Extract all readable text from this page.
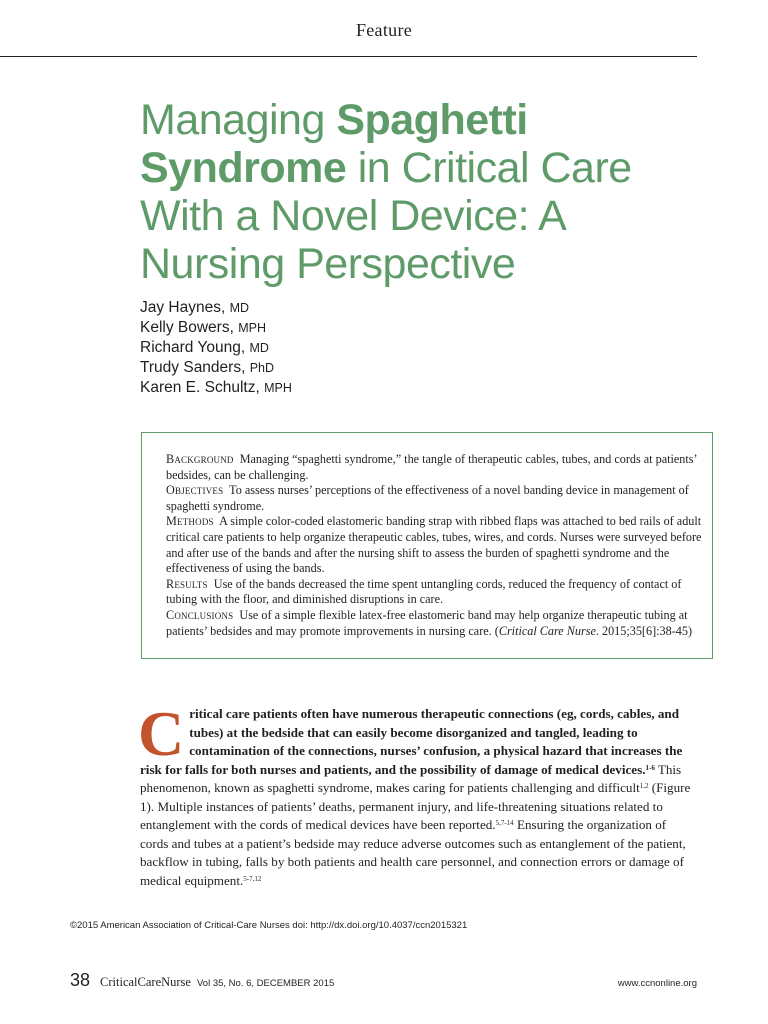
Feature
Managing Spaghetti Syndrome in Critical Care With a Novel Device: A Nursing Perspective
Jay Haynes, MD
Kelly Bowers, MPH
Richard Young, MD
Trudy Sanders, PhD
Karen E. Schultz, MPH

Background Managing “spaghetti syndrome,” the tangle of therapeutic cables, tubes, and cords at patients’ bedsides, can be challenging.

Objectives To assess nurses’ perceptions of the effectiveness of a novel banding device in management of spaghetti syndrome.

Methods A simple color-coded elastomeric banding strap with ribbed flaps was attached to bed rails of adult critical care patients to help organize therapeutic cables, tubes, wires, and cords. Nurses were surveyed before and after use of the bands and after the nursing shift to assess the burden of spaghetti syndrome and the effectiveness of using the bands.

Results Use of the bands decreased the time spent untangling cords, reduced the frequency of contact of tubing with the floor, and diminished disruptions in care.

Conclusions Use of a simple flexible latex-free elastomeric band may help organize therapeutic tubing at patients’ bedsides and may promote improvements in nursing care. (Critical Care Nurse. 2015;35[6]:38-45)

Critical care patients often have numerous therapeutic connections (eg, cords, cables, and tubes) at the bedside that can easily become disorganized and tangled, leading to contamination of the connections, nurses’ confusion, a physical hazard that increases the risk for falls for both nurses and patients, and the possibility of damage of medical devices.$^{1-6}$ This phenomenon, known as spaghetti syndrome, makes caring for patients challenging and difficult$^{1,2}$ (Figure 1). Multiple instances of patients’ deaths, permanent injury, and life-threatening situations related to entanglement with the cords of medical devices have been reported.$^{5,7-14}$ Ensuring the organization of cords and tubes at a patient’s bedside may reduce adverse outcomes such as entanglement of the patient, backflow in tubing, falls by both patients and health care personnel, and connection errors or damage of medical equipment.$^{5-7,12}$

©2015 American Association of Critical-Care Nurses doi: http://dx.doi.org/10.4037/ccn2015321
38 CriticalCareNurse Vol 35, No. 6, DECEMBER 2015	www.ccnonline.org
